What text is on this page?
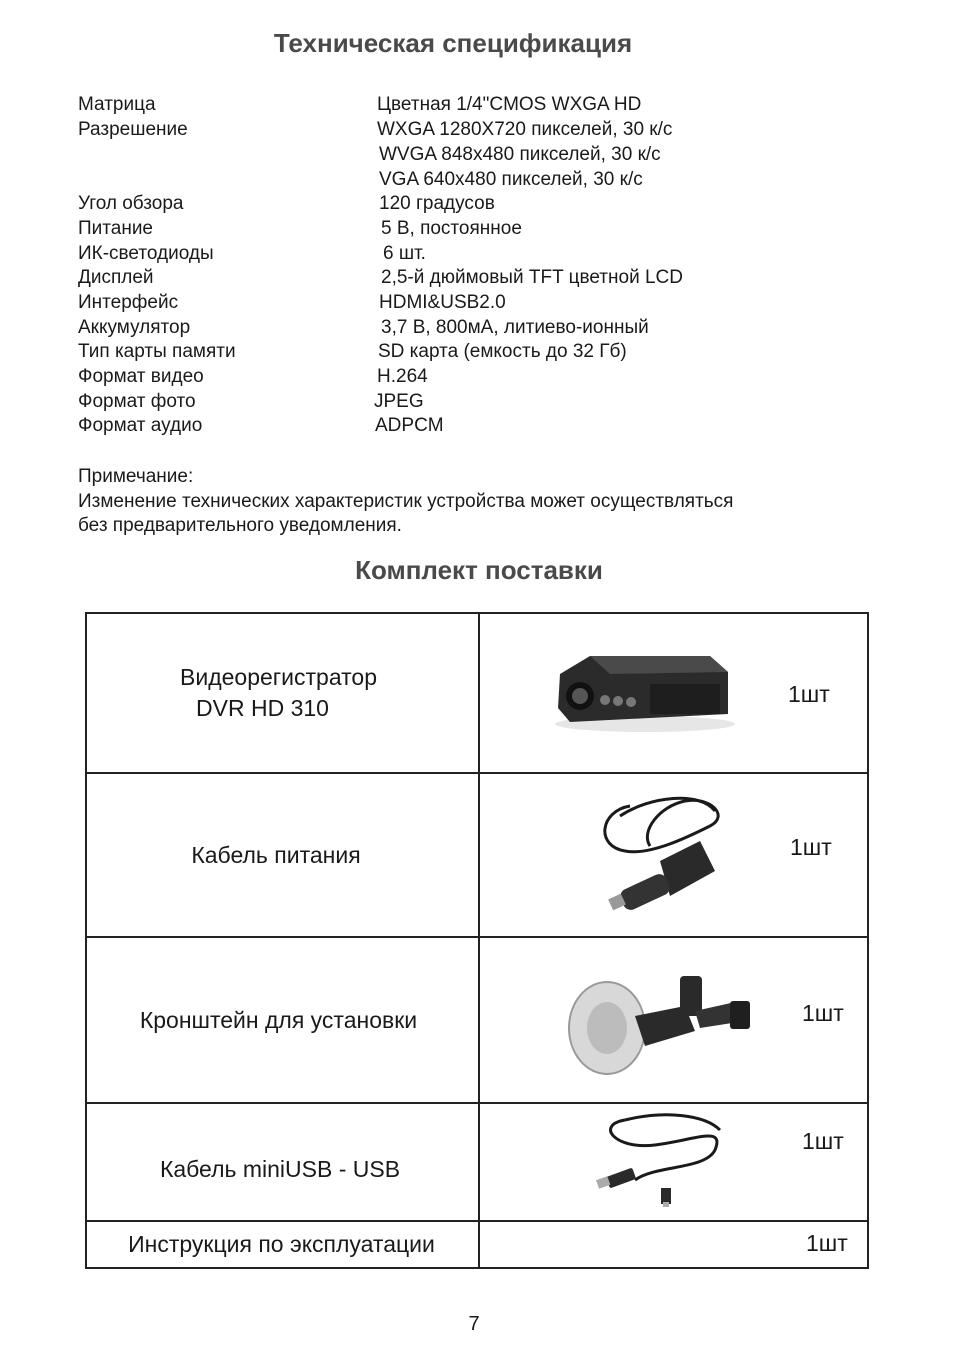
Техническая спецификация
Матрица	Цветная 1/4"CMOS WXGA HD
Разрешение	WXGA 1280X720 пикселей, 30 к/с
WVGA 848x480 пикселей, 30 к/с
VGA 640x480 пикселей, 30 к/с
Угол обзора	120 градусов
Питание	5 В, постоянное
ИК-светодиоды	6 шт.
Дисплей	2,5-й дюймовый TFT цветной LCD
Интерфейс	HDMI&USB2.0
Аккумулятор	3,7 В, 800мА, литиево-ионный
Тип карты памяти	SD карта (емкость до 32 Гб)
Формат видео	H.264
Формат фото	JPEG
Формат аудио	ADPCM
Примечание:
Изменение технических характеристик устройства может осуществляться
без предварительного уведомления.
Комплект поставки
Видеорегистратор
DVR HD 310	1шт

Кабель питания	1шт

Кронштейн для установки	1шт

Кабель miniUSB - USB	1шт

Инструкция по эксплуатации	1шт
7
